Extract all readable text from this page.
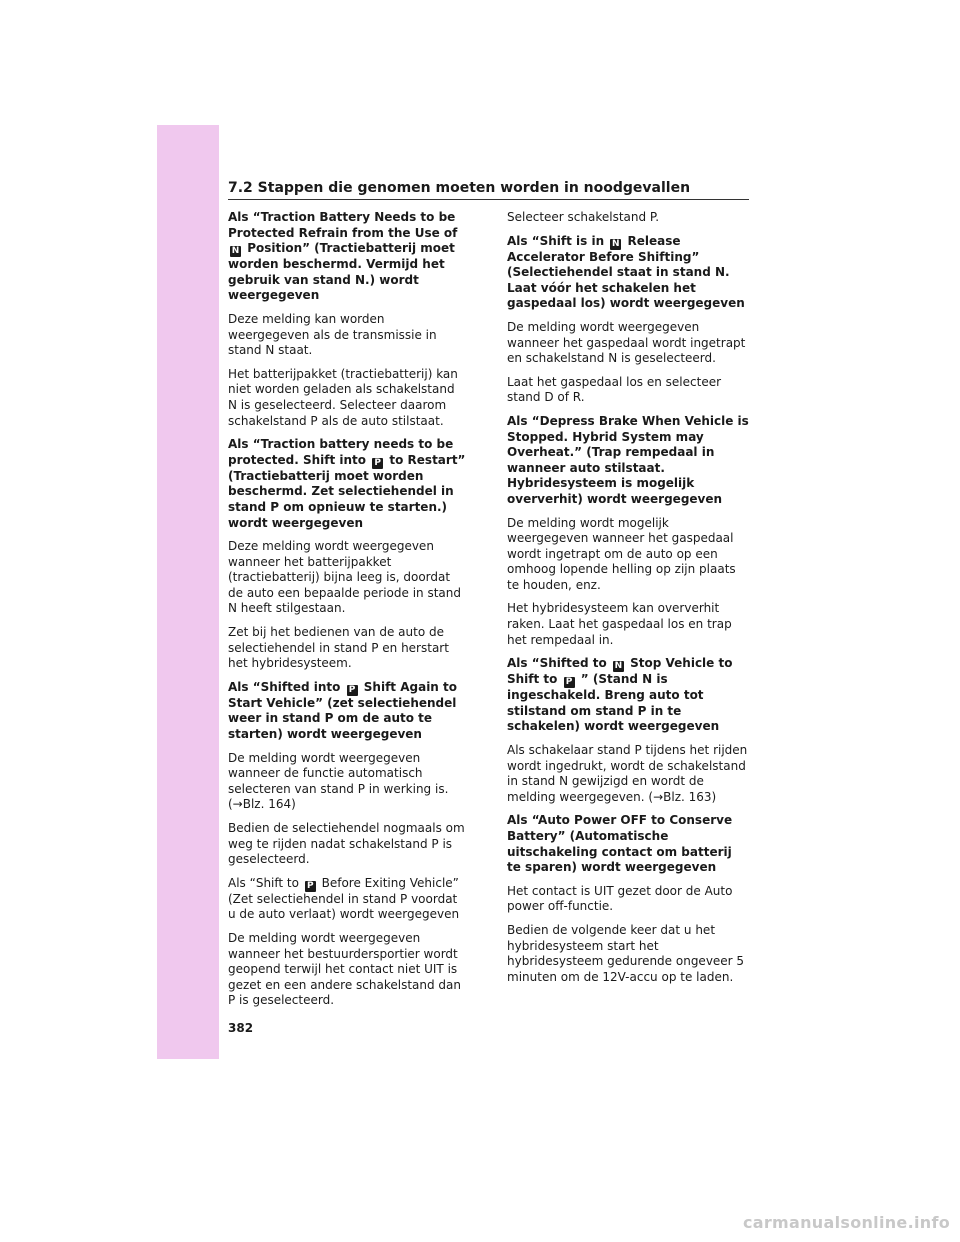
7.2 Stappen die genomen moeten worden in noodgevallen

Als “Traction Battery Needs to be Protected Refrain from the Use of N Position” (Tractiebatterij moet worden beschermd. Vermijd het gebruik van stand N.) wordt weergegeven

Deze melding kan worden weergegeven als de transmissie in stand N staat.

Het batterijpakket (tractiebatterij) kan niet worden geladen als schakelstand N is geselecteerd. Selecteer daarom schakelstand P als de auto stilstaat.

Als “Traction battery needs to be protected. Shift into P to Restart” (Tractiebatterij moet worden beschermd. Zet selectiehendel in stand P om opnieuw te starten.) wordt weergegeven

Deze melding wordt weergegeven wanneer het batterijpakket (tractiebatterij) bijna leeg is, doordat de auto een bepaalde periode in stand N heeft stilgestaan.

Zet bij het bedienen van de auto de selectiehendel in stand P en herstart het hybridesysteem.

Als “Shifted into P Shift Again to Start Vehicle” (zet selectiehendel weer in stand P om de auto te starten) wordt weergegeven

De melding wordt weergegeven wanneer de functie automatisch selecteren van stand P in werking is. (→Blz. 164)

Bedien de selectiehendel nogmaals om weg te rijden nadat schakelstand P is geselecteerd.

Als “Shift to P Before Exiting Vehicle” (Zet selectiehendel in stand P voordat u de auto verlaat) wordt weergegeven

De melding wordt weergegeven wanneer het bestuurdersportier wordt geopend terwijl het contact niet UIT is gezet en een andere schakelstand dan P is geselecteerd.

Selecteer schakelstand P.

Als “Shift is in N Release Accelerator Before Shifting” (Selectiehendel staat in stand N. Laat vóór het schakelen het gaspedaal los) wordt weergegeven

De melding wordt weergegeven wanneer het gaspedaal wordt ingetrapt en schakelstand N is geselecteerd.

Laat het gaspedaal los en selecteer stand D of R.

Als “Depress Brake When Vehicle is Stopped. Hybrid System may Overheat.” (Trap rempedaal in wanneer auto stilstaat. Hybridesysteem is mogelijk oververhit) wordt weergegeven

De melding wordt mogelijk weergegeven wanneer het gaspedaal wordt ingetrapt om de auto op een omhoog lopende helling op zijn plaats te houden, enz.

Het hybridesysteem kan oververhit raken. Laat het gaspedaal los en trap het rempedaal in.

Als “Shifted to N Stop Vehicle to Shift to P ” (Stand N is ingeschakeld. Breng auto tot stilstand om stand P in te schakelen) wordt weergegeven

Als schakelaar stand P tijdens het rijden wordt ingedrukt, wordt de schakelstand in stand N gewijzigd en wordt de melding weergegeven. (→Blz. 163)

Als “Auto Power OFF to Conserve Battery” (Automatische uitschakeling contact om batterij te sparen) wordt weergegeven

Het contact is UIT gezet door de Auto power off-functie.

Bedien de volgende keer dat u het hybridesysteem start het hybridesysteem gedurende ongeveer 5 minuten om de 12V-accu op te laden.

382
carmanualsonline.info
